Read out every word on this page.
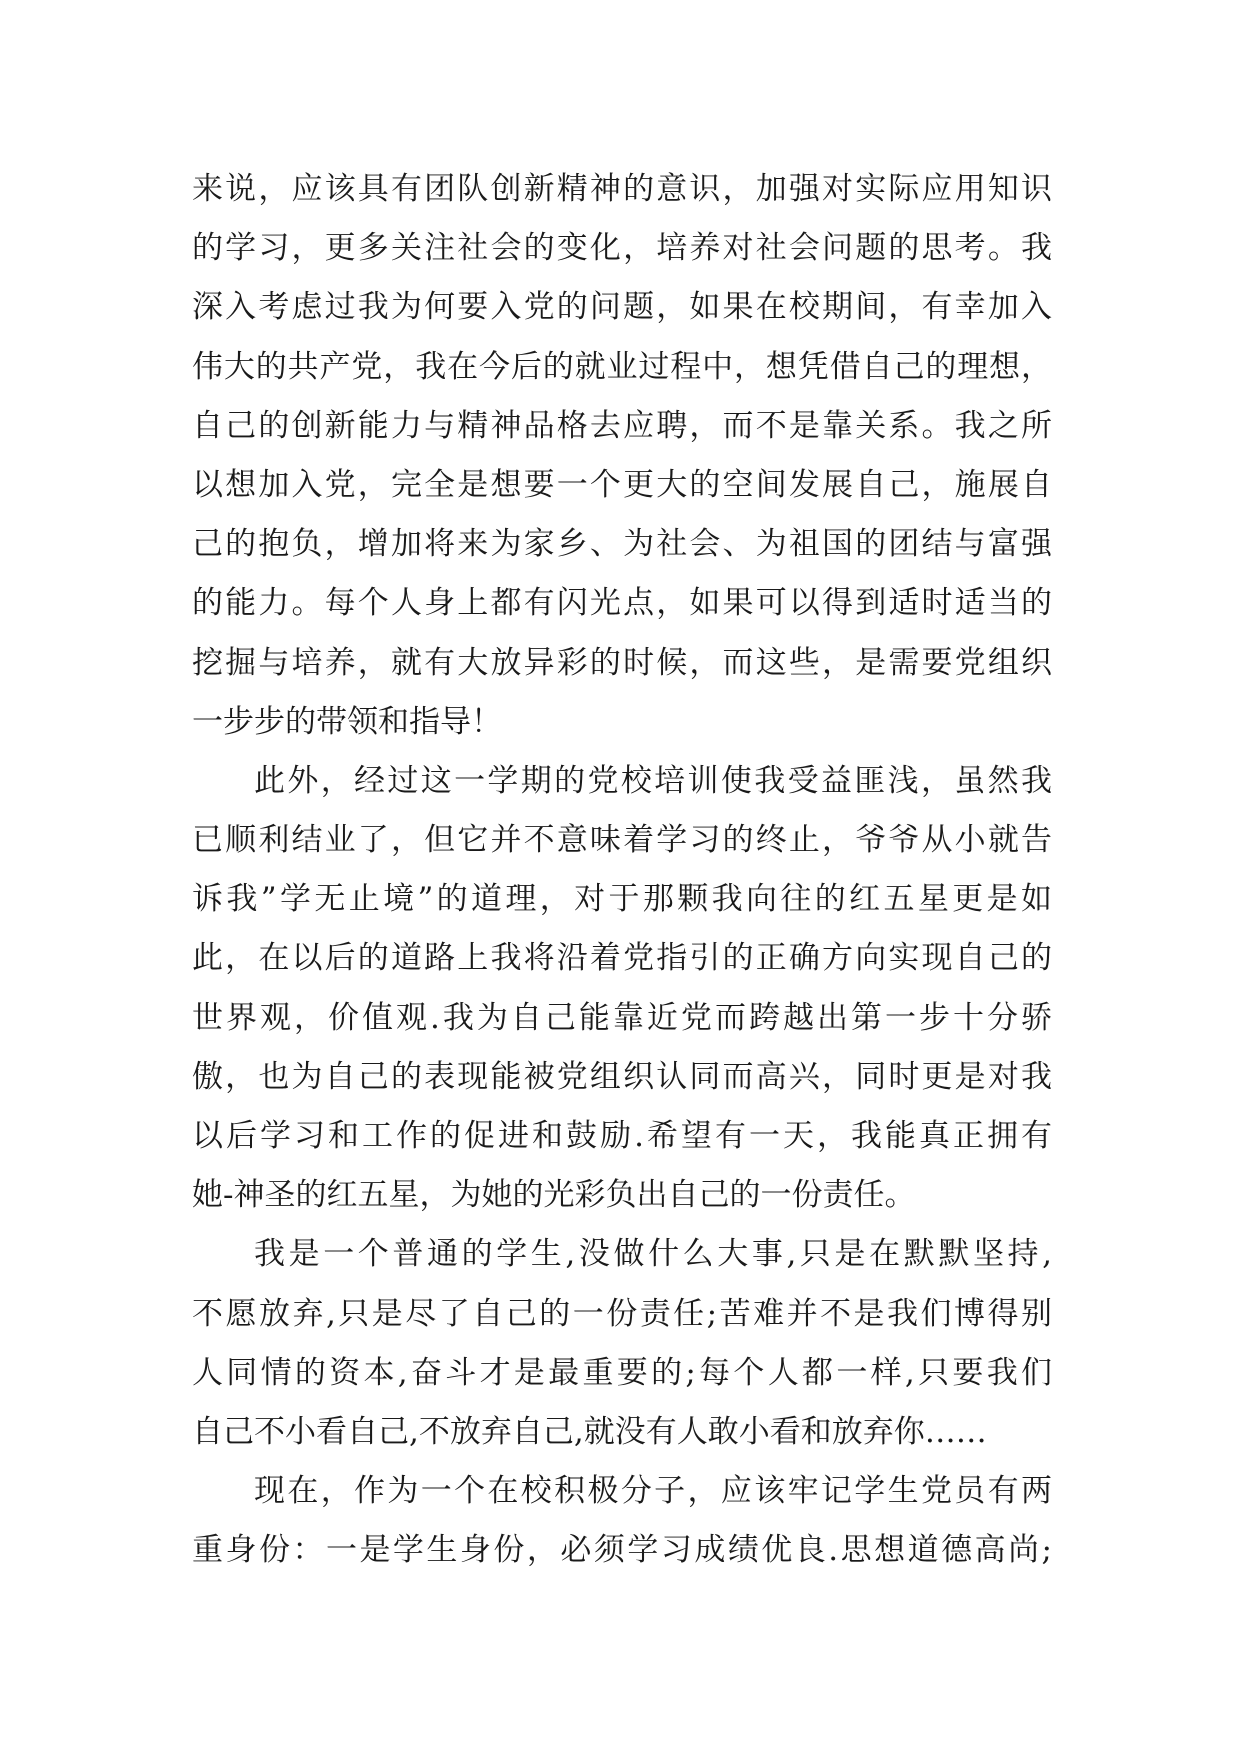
来说，应该具有团队创新精神的意识，加强对实际应用知识
的学习，更多关注社会的变化，培养对社会问题的思考。我
深入考虑过我为何要入党的问题，如果在校期间，有幸加入
伟大的共产党，我在今后的就业过程中，想凭借自己的理想，
自己的创新能力与精神品格去应聘，而不是靠关系。我之所
以想加入党，完全是想要一个更大的空间发展自己，施展自
己的抱负，增加将来为家乡、为社会、为祖国的团结与富强
的能力。每个人身上都有闪光点，如果可以得到适时适当的
挖掘与培养，就有大放异彩的时候，而这些，是需要党组织
一步步的带领和指导！

此外，经过这一学期的党校培训使我受益匪浅，虽然我
已顺利结业了，但它并不意味着学习的终止，爷爷从小就告
诉我”学无止境”的道理，对于那颗我向往的红五星更是如
此，在以后的道路上我将沿着党指引的正确方向实现自己的
世界观，价值观.我为自己能靠近党而跨越出第一步十分骄
傲，也为自己的表现能被党组织认同而高兴，同时更是对我
以后学习和工作的促进和鼓励.希望有一天，我能真正拥有
她-神圣的红五星，为她的光彩负出自己的一份责任。

我是一个普通的学生,没做什么大事,只是在默默坚持,
不愿放弃,只是尽了自己的一份责任;苦难并不是我们博得别
人同情的资本,奋斗才是最重要的;每个人都一样,只要我们
自己不小看自己,不放弃自己,就没有人敢小看和放弃你……

现在，作为一个在校积极分子，应该牢记学生党员有两
重身份：一是学生身份，必须学习成绩优良.思想道德高尚;
